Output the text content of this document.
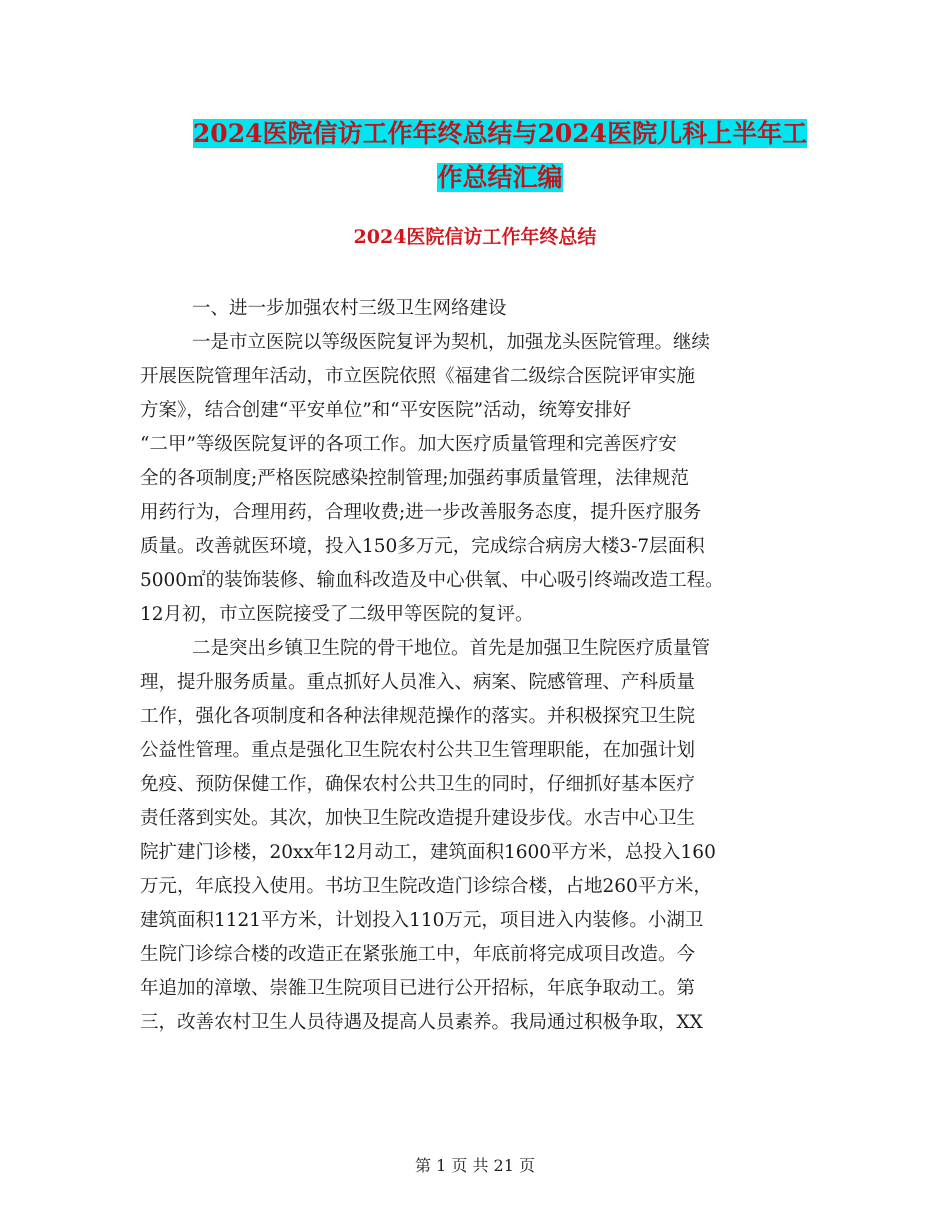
2024医院信访工作年终总结与2024医院儿科上半年工
作总结汇编
2024医院信访工作年终总结

一、进一步加强农村三级卫生网络建设

一是市立医院以等级医院复评为契机，加强龙头医院管理。继续

开展医院管理年活动，市立医院依照《福建省二级综合医院评审实施

方案》，结合创建“平安单位”和“平安医院”活动，统筹安排好

“二甲”等级医院复评的各项工作。加大医疗质量管理和完善医疗安

全的各项制度;严格医院感染控制管理;加强药事质量管理，法律规范

用药行为，合理用药，合理收费;进一步改善服务态度，提升医疗服务

质量。改善就医环境，投入150多万元，完成综合病房大楼3-7层面积

5000㎡的装饰装修、输血科改造及中心供氧、中心吸引终端改造工程。

12月初，市立医院接受了二级甲等医院的复评。

二是突出乡镇卫生院的骨干地位。首先是加强卫生院医疗质量管

理，提升服务质量。重点抓好人员准入、病案、院感管理、产科质量

工作，强化各项制度和各种法律规范操作的落实。并积极探究卫生院

公益性管理。重点是强化卫生院农村公共卫生管理职能，在加强计划

免疫、预防保健工作，确保农村公共卫生的同时，仔细抓好基本医疗

责任落到实处。其次，加快卫生院改造提升建设步伐。水吉中心卫生

院扩建门诊楼，20xx年12月动工，建筑面积1600平方米，总投入160

万元，年底投入使用。书坊卫生院改造门诊综合楼，占地260平方米，

建筑面积1121平方米，计划投入110万元，项目进入内装修。小湖卫

生院门诊综合楼的改造正在紧张施工中，年底前将完成项目改造。今

年追加的漳墩、崇雒卫生院项目已进行公开招标，年底争取动工。第

三，改善农村卫生人员待遇及提高人员素养。我局通过积极争取，XX

第 1 页 共 21 页
